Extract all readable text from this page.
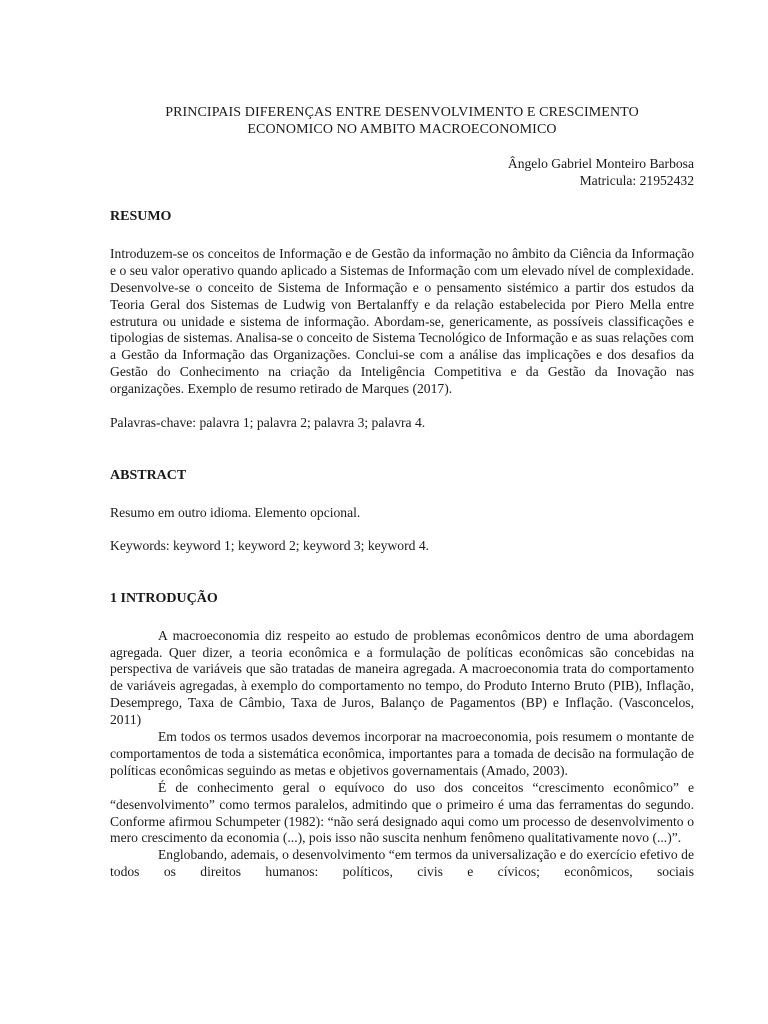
PRINCIPAIS DIFERENÇAS ENTRE DESENVOLVIMENTO E CRESCIMENTO
ECONOMICO NO AMBITO MACROECONOMICO

Ângelo Gabriel Monteiro Barbosa
Matricula: 21952432

RESUMO

Introduzem-se os conceitos de Informação e de Gestão da informação no âmbito da Ciência da Informação e o seu valor operativo quando aplicado a Sistemas de Informação com um elevado nível de complexidade. Desenvolve-se o conceito de Sistema de Informação e o pensamento sistémico a partir dos estudos da Teoria Geral dos Sistemas de Ludwig von Bertalanffy e da relação estabelecida por Piero Mella entre estrutura ou unidade e sistema de informação. Abordam-se, genericamente, as possíveis classificações e tipologias de sistemas. Analisa-se o conceito de Sistema Tecnológico de Informação e as suas relações com a Gestão da Informação das Organizações. Conclui-se com a análise das implicações e dos desafios da Gestão do Conhecimento na criação da Inteligência Competitiva e da Gestão da Inovação nas organizações. Exemplo de resumo retirado de Marques (2017).

Palavras-chave: palavra 1; palavra 2; palavra 3; palavra 4.

ABSTRACT

Resumo em outro idioma. Elemento opcional.

Keywords: keyword 1; keyword 2; keyword 3; keyword 4.

1 INTRODUÇÃO

A macroeconomia diz respeito ao estudo de problemas econômicos dentro de uma abordagem agregada. Quer dizer, a teoria econômica e a formulação de políticas econômicas são concebidas na perspectiva de variáveis que são tratadas de maneira agregada. A macroeconomia trata do comportamento de variáveis agregadas, à exemplo do comportamento no tempo, do Produto Interno Bruto (PIB), Inflação, Desemprego, Taxa de Câmbio, Taxa de Juros, Balanço de Pagamentos (BP) e Inflação. (Vasconcelos, 2011)

Em todos os termos usados devemos incorporar na macroeconomia, pois resumem o montante de comportamentos de toda a sistemática econômica, importantes para a tomada de decisão na formulação de políticas econômicas seguindo as metas e objetivos governamentais (Amado, 2003).

É de conhecimento geral o equívoco do uso dos conceitos “crescimento econômico” e “desenvolvimento” como termos paralelos, admitindo que o primeiro é uma das ferramentas do segundo. Conforme afirmou Schumpeter (1982): “não será designado aqui como um processo de desenvolvimento o mero crescimento da economia (...), pois isso não suscita nenhum fenômeno qualitativamente novo (...)”.

Englobando, ademais, o desenvolvimento “em termos da universalização e do exercício efetivo de todos os direitos humanos: políticos, civis e cívicos; econômicos, sociais
